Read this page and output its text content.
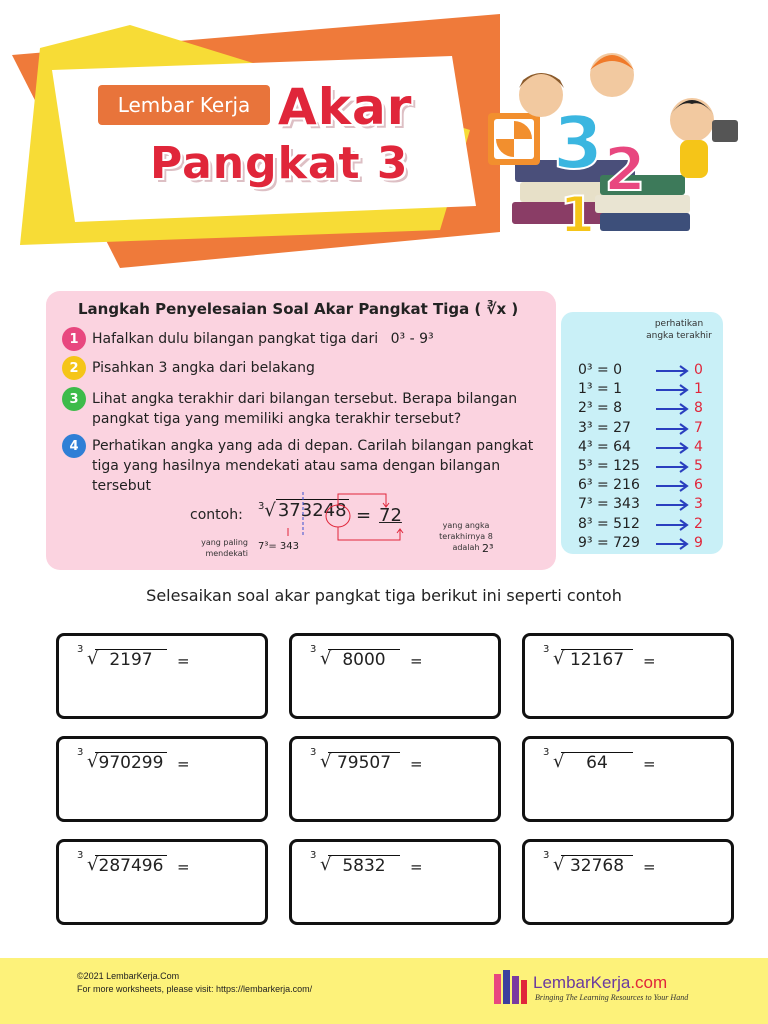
3 2
1
Lembar Kerja Akar
Pangkat 3
Langkah Penyelesaian Soal Akar Pangkat Tiga ( ∛x )
1 Hafalkan dulu bilangan pangkat tiga dari 0³ - 9³
2 Pisahkan 3 angka dari belakang
3 Lihat angka terakhir dari bilangan tersebut. Berapa bilangan pangkat tiga yang memiliki angka terakhir tersebut?
4 Perhatikan angka yang ada di depan. Carilah bilangan pangkat tiga yang hasilnya mendekati atau sama dengan bilangan tersebut
contoh:
$^3$√ 373248 = 72
yang paling mendekati
7³= 343
yang angka terakhirnya 8 adalah 2³
perhatikan angka terakhir
0³ = 0	0
1³ = 1	1
2³ = 8	8
3³ = 27	7
4³ = 64	4
5³ = 125	5
6³ = 216	6
7³ = 343	3
8³ = 512	2
9³ = 729	9
Selesaikan soal akar pangkat tiga berikut ini seperti contoh
3 √ 2197	=
3 √ 8000	=
3 √ 12167	=
3 √ 970299 =
3 √ 79507	=
3 √	64	=
3 √ 287496 =
3 √ 5832	=
3 √ 32768	=
©2021 LembarKerja.Com
For more worksheets, please visit: https://lembarkerja.com/	LembarKerja.com
Bringing The Learning Resources to Your Hand
